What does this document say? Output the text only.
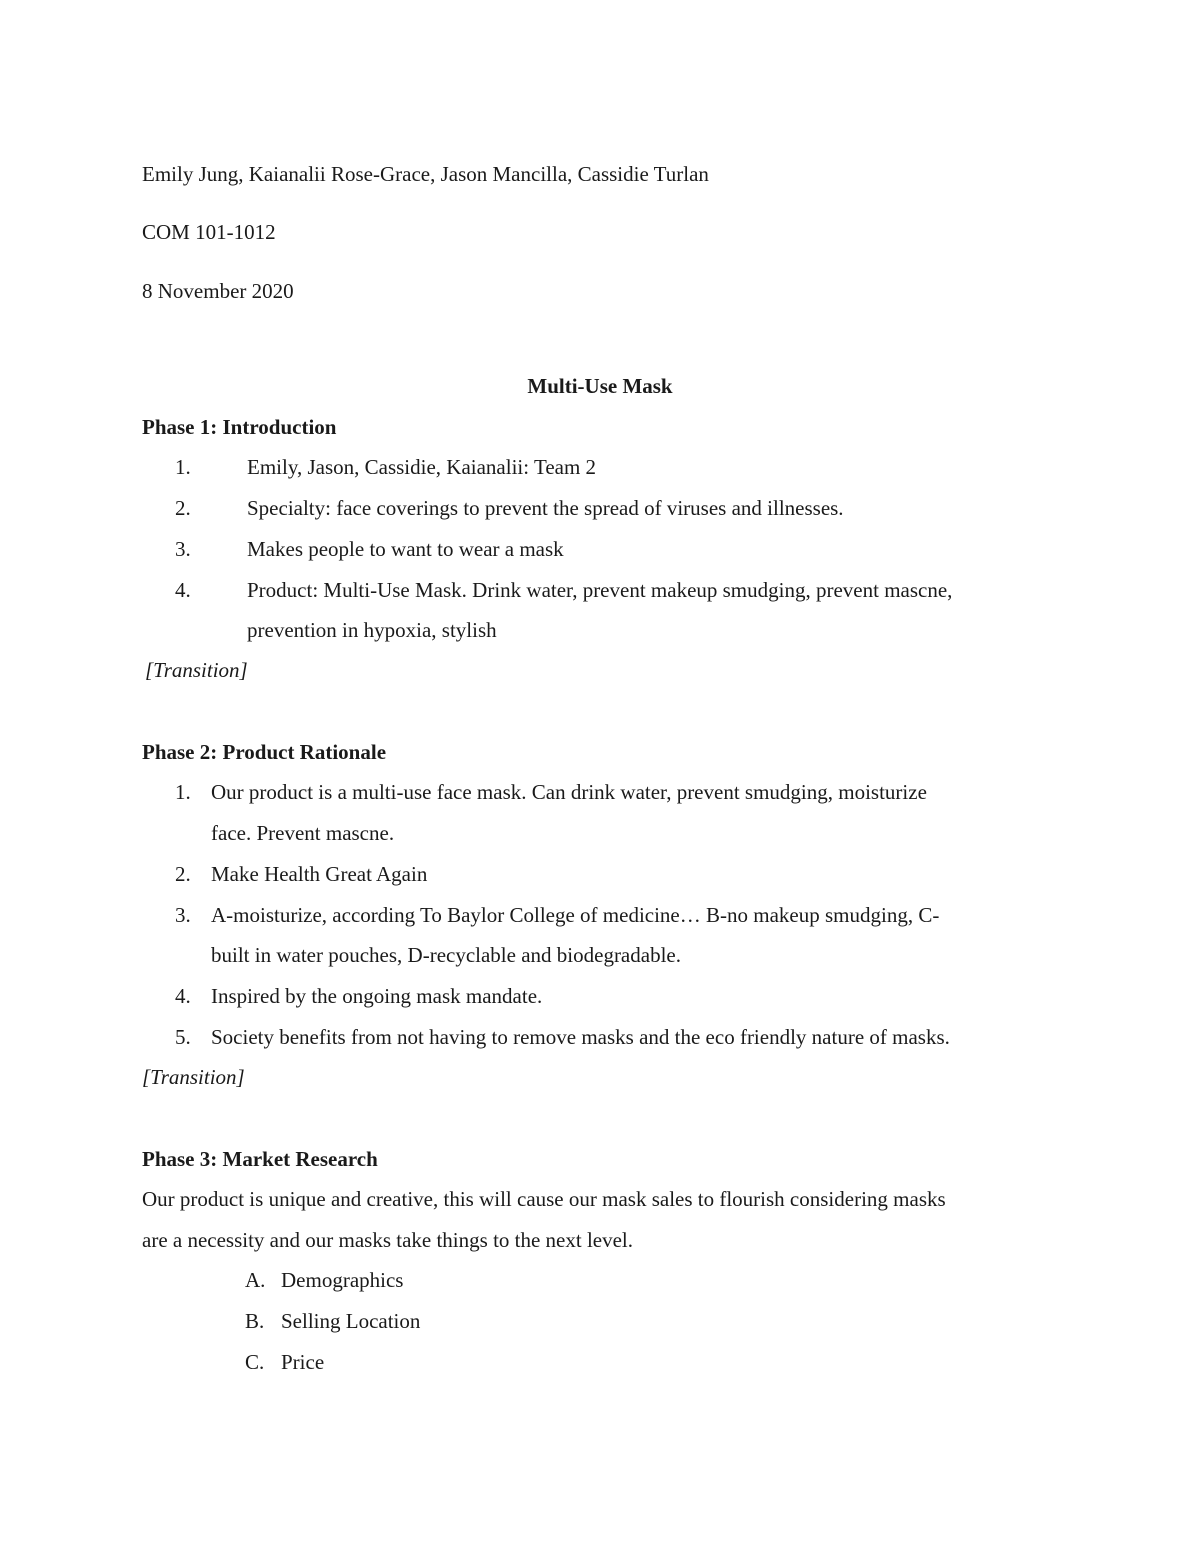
Emily Jung, Kaianalii Rose-Grace, Jason Mancilla, Cassidie Turlan
COM 101-1012
8 November 2020
Multi-Use Mask
Phase 1: Introduction
1.	Emily, Jason, Cassidie, Kaianalii: Team 2
2.	Specialty: face coverings to prevent the spread of viruses and illnesses.
3.	Makes people to want to wear a mask
4.	Product: Multi-Use Mask. Drink water, prevent makeup smudging, prevent mascne,
prevention in hypoxia, stylish
[Transition]
Phase 2: Product Rationale
1. Our product is a multi-use face mask. Can drink water, prevent smudging, moisturize
face. Prevent mascne.
2. Make Health Great Again
3. A-moisturize, according To Baylor College of medicine… B-no makeup smudging, C-
built in water pouches, D-recyclable and biodegradable.
4. Inspired by the ongoing mask mandate.
5. Society benefits from not having to remove masks and the eco friendly nature of masks.
[Transition]
Phase 3: Market Research
Our product is unique and creative, this will cause our mask sales to flourish considering masks
are a necessity and our masks take things to the next level.
A. Demographics
B. Selling Location
C. Price
